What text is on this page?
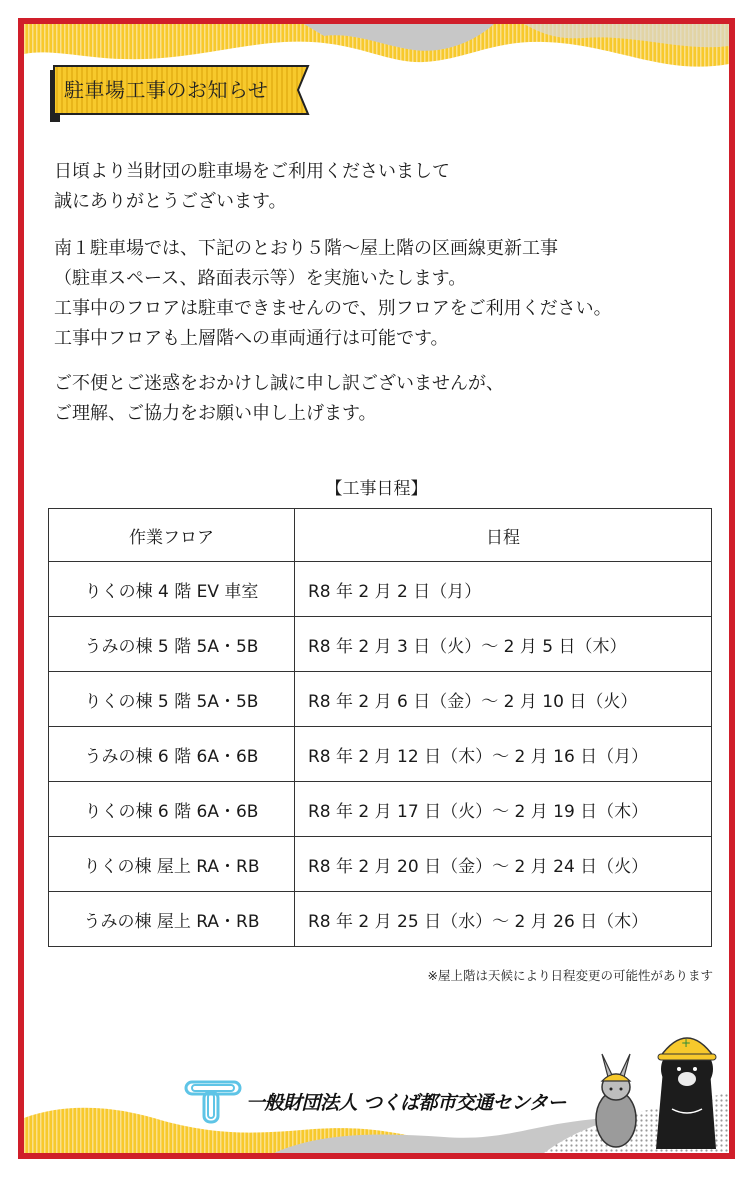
駐車場工事のお知らせ
日頃より当財団の駐車場をご利用くださいまして
誠にありがとうございます。
南１駐車場では、下記のとおり５階～屋上階の区画線更新工事
（駐車スペース、路面表示等）を実施いたします。
工事中のフロアは駐車できませんので、別フロアをご利用ください。
工事中フロアも上層階への車両通行は可能です。
ご不便とご迷惑をおかけし誠に申し訳ございませんが、
ご理解、ご協力をお願い申し上げます。
【工事日程】
作業フロア	日程
りくの棟 4 階 EV 車室	R8 年 2 月 2 日（月）
うみの棟 5 階 5A・5B	R8 年 2 月 3 日（火）～ 2 月 5 日（木）
りくの棟 5 階 5A・5B	R8 年 2 月 6 日（金）～ 2 月 10 日（火）
うみの棟 6 階 6A・6B	R8 年 2 月 12 日（木）～ 2 月 16 日（月）
りくの棟 6 階 6A・6B	R8 年 2 月 17 日（火）～ 2 月 19 日（木）
りくの棟 屋上 RA・RB	R8 年 2 月 20 日（金）～ 2 月 24 日（火）
うみの棟 屋上 RA・RB	R8 年 2 月 25 日（水）～ 2 月 26 日（木）
※屋上階は天候により日程変更の可能性があります
一般財団法人 つくば都市交通センター
+
